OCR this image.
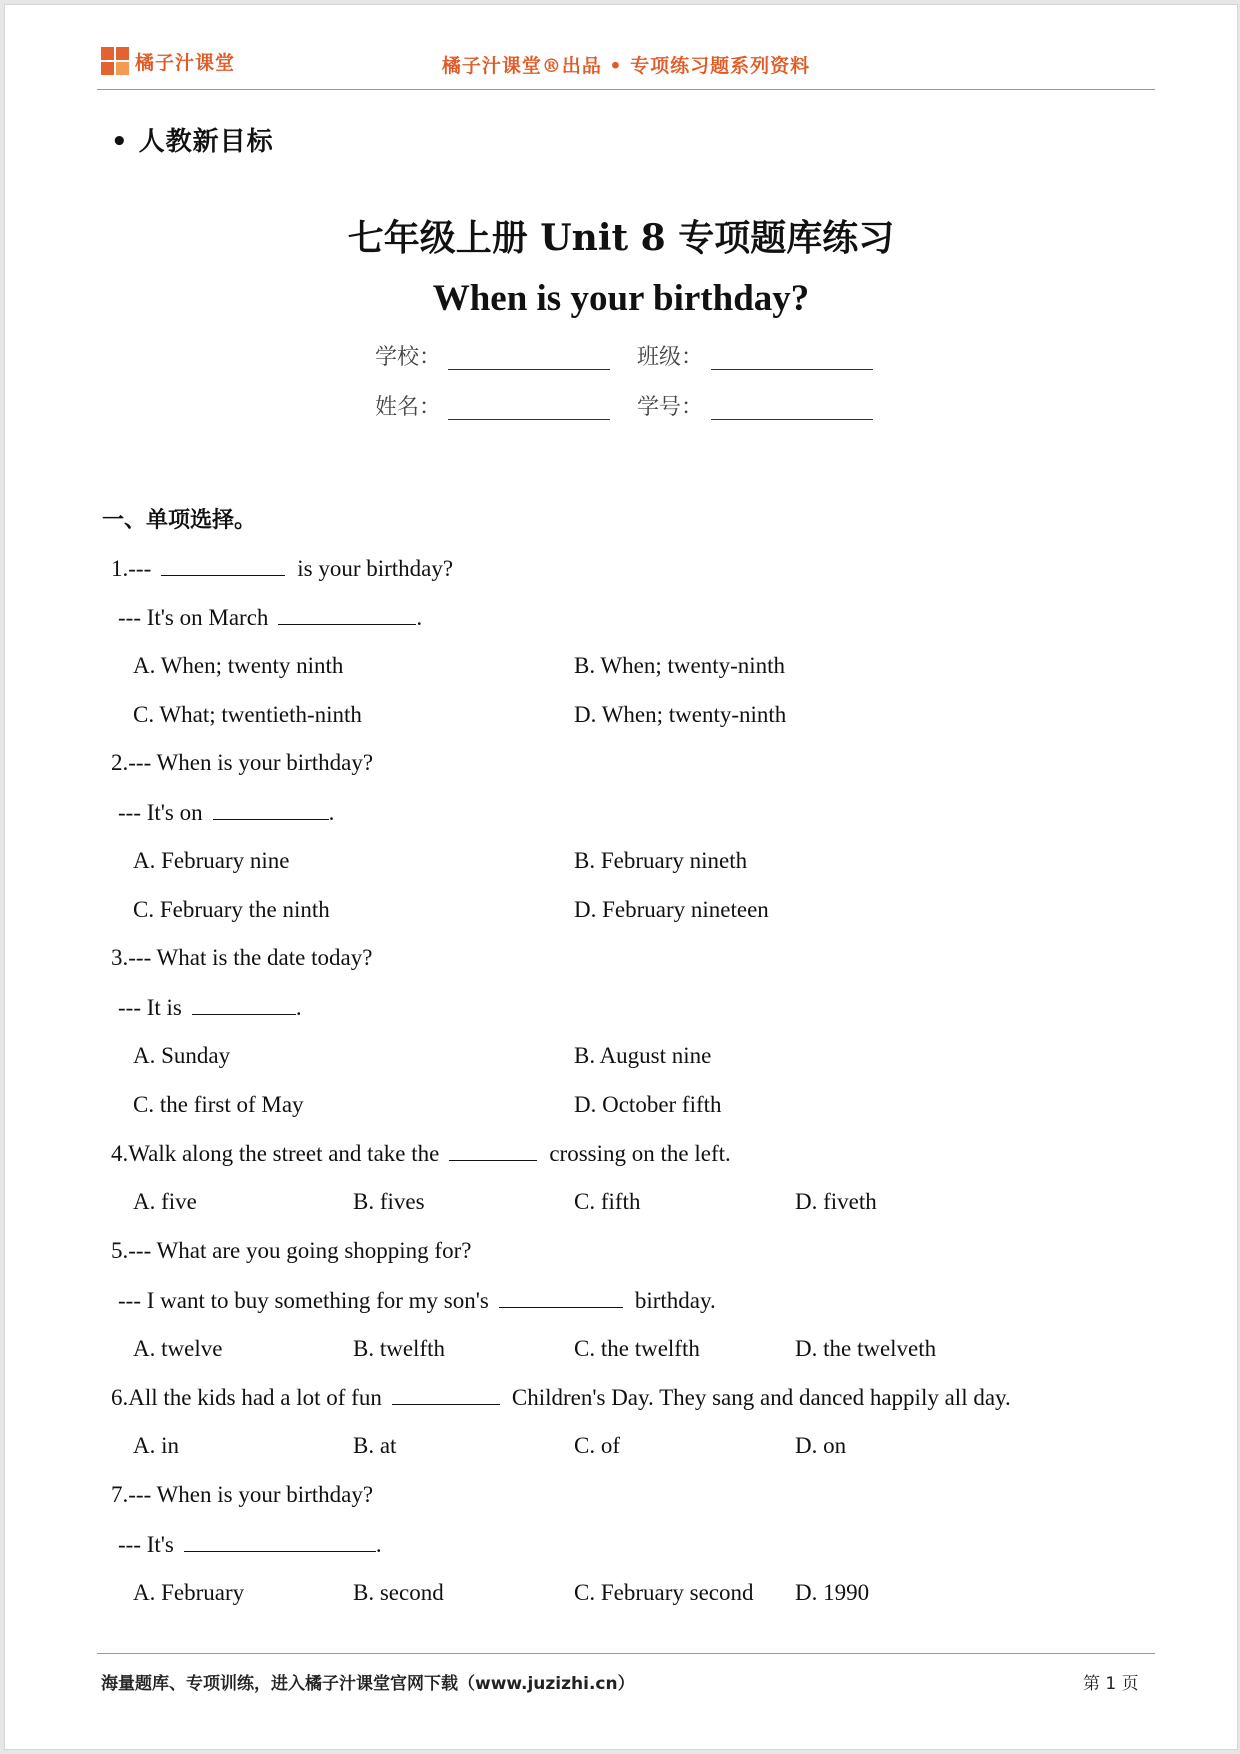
橘子汁课堂	橘子汁课堂®出品 • 专项练习题系列资料
• 人教新目标
七年级上册 Unit 8 专项题库练习
When is your birthday?
学校：	班级：
姓名：	学号：
一、单项选择。
1.---	is your birthday?
--- It's on March	.
A. When; twenty ninth	B. When; twenty-ninth
C. What; twentieth-ninth	D. When; twenty-ninth
2.--- When is your birthday?
--- It's on	.
A. February nine	B. February nineth
C. February the ninth	D. February nineteen
3.--- What is the date today?
--- It is	.
A. Sunday	B. August nine
C. the first of May	D. October fifth
4.Walk along the street and take the	crossing on the left.
A. five	B. fives	C. fifth	D. fiveth
5.--- What are you going shopping for?
--- I want to buy something for my son's	birthday.
A. twelve	B. twelfth	C. the twelfth	D. the twelveth
6.All the kids had a lot of fun	Children's Day. They sang and danced happily all day.
A. in	B. at	C. of	D. on
7.--- When is your birthday?
--- It's	.
A. February	B. second	C. February second D. 1990
海量题库、专项训练，进入橘子汁课堂官网下载（www.juzizhi.cn）	第 1 页
